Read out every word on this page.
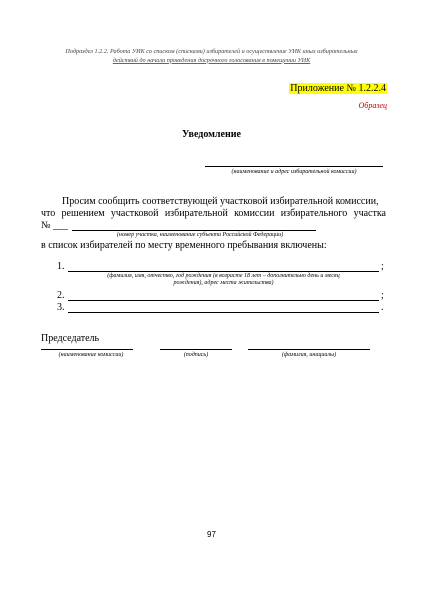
Подраздел 1.2.2. Работа УИК со списком (списками) избирателей и осуществление УИК иных избирательных
действий до начала проведения досрочного голосования в помещении УИК
Приложение № 1.2.2.4
Образец
Уведомление
(наименование и адрес избирательной комиссии)
Просим сообщить соответствующей участковой избирательной комиссии,
что решением участковой избирательной комиссии избирательного участка
№ ___
(номер участка, наименование субъекта Российской Федерации)
в список избирателей по месту временного пребывания включены:
1.	;
(фамилия, имя, отчество, год рождения (в возрасте 18 лет – дополнительно день и месяц
рождения), адрес места жительства)
2.	;
3.	.
Председатель
(наименование комиссии)	(подпись)	(фамилия, инициалы)
97
